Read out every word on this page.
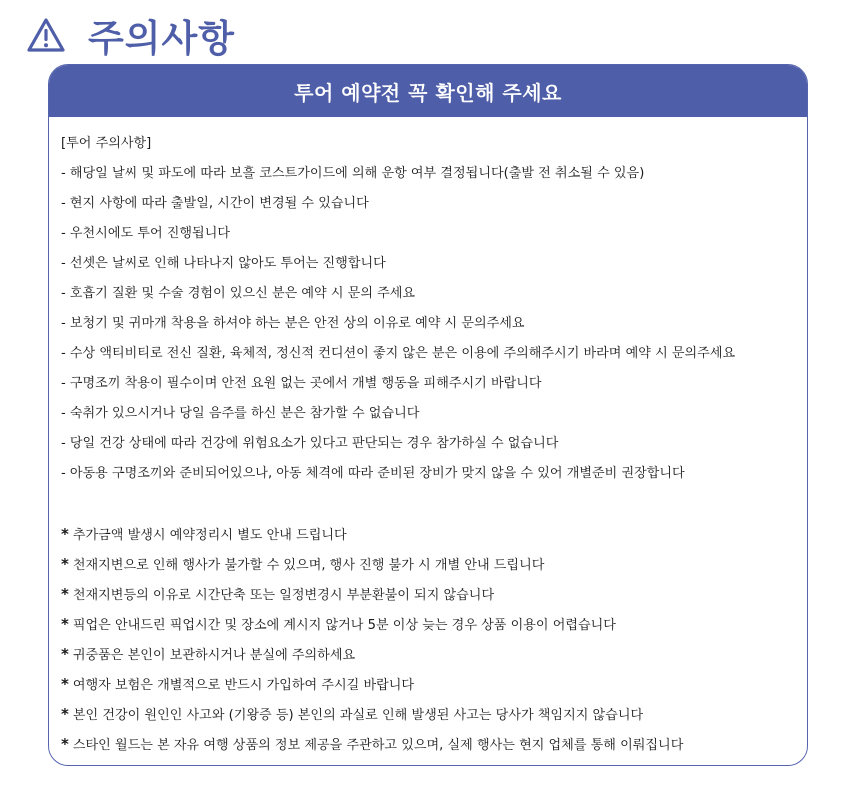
주의사항
투어 예약전 꼭 확인해 주세요
[투어 주의사항]
- 해당일 날씨 및 파도에 따라 보흘 코스트가이드에 의해 운항 여부 결정됩니다(출발 전 취소될 수 있음)
- 현지 사항에 따라 출발일, 시간이 변경될 수 있습니다
- 우천시에도 투어 진행됩니다
- 선셋은 날씨로 인해 나타나지 않아도 투어는 진행합니다
- 호흡기 질환 및 수술 경험이 있으신 분은 예약 시 문의 주세요
- 보청기 및 귀마개 착용을 하셔야 하는 분은 안전 상의 이유로 예약 시 문의주세요
- 수상 액티비티로 전신 질환, 육체적, 정신적 컨디션이 좋지 않은 분은 이용에 주의해주시기 바라며 예약 시 문의주세요
- 구명조끼 착용이 필수이며 안전 요원 없는 곳에서 개별 행동을 피해주시기 바랍니다
- 숙취가 있으시거나 당일 음주를 하신 분은 참가할 수 없습니다
- 당일 건강 상태에 따라 건강에 위험요소가 있다고 판단되는 경우 참가하실 수 없습니다
- 아동용 구명조끼와 준비되어있으나, 아동 체격에 따라 준비된 장비가 맞지 않을 수 있어 개별준비 권장합니다
* 추가금액 발생시 예약정리시 별도 안내 드립니다
* 천재지변으로 인해 행사가 불가할 수 있으며, 행사 진행 불가 시 개별 안내 드립니다
* 천재지변등의 이유로 시간단축 또는 일정변경시 부분환불이 되지 않습니다
* 픽업은 안내드린 픽업시간 및 장소에 계시지 않거나 5분 이상 늦는 경우 상품 이용이 어렵습니다
* 귀중품은 본인이 보관하시거나 분실에 주의하세요
* 여행자 보험은 개별적으로 반드시 가입하여 주시길 바랍니다
* 본인 건강이 원인인 사고와 (기왕증 등) 본인의 과실로 인해 발생된 사고는 당사가 책임지지 않습니다
* 스타인 월드는 본 자유 여행 상품의 정보 제공을 주관하고 있으며, 실제 행사는 현지 업체를 통해 이뤄집니다
